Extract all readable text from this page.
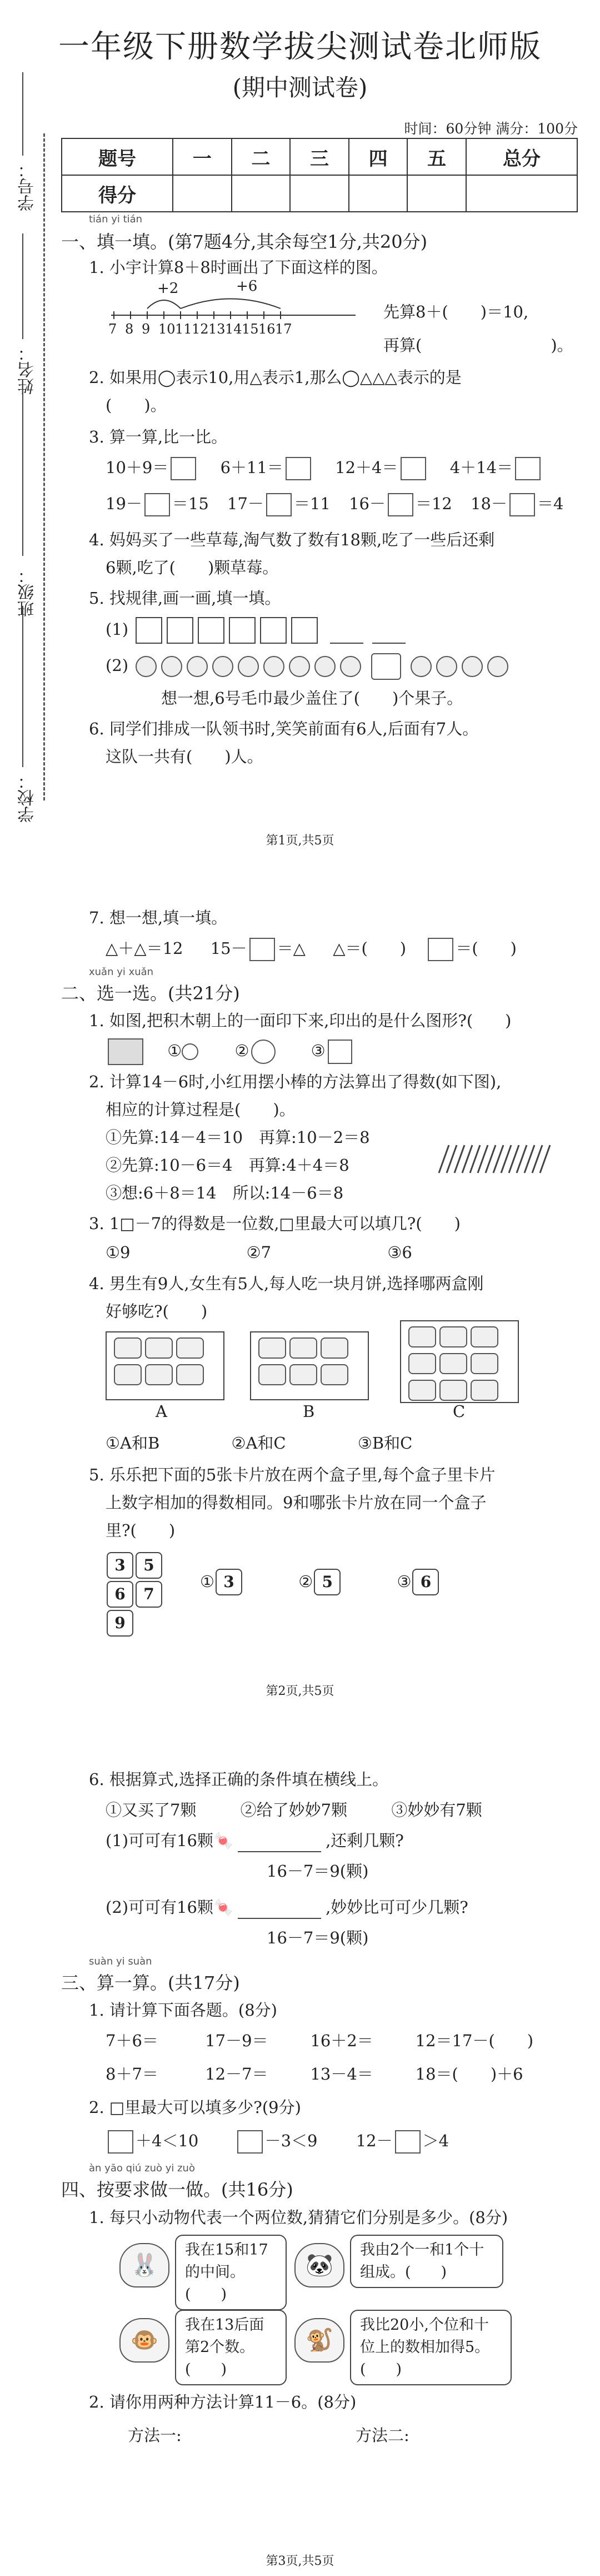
一年级下册数学拔尖测试卷北师版
(期中测试卷)
时间：60分钟 满分：100分
题号	一	二	三	四	五	总分
得分						
学号：
姓名：
班级：
学校：
tián yi tián
一、填一填。(第7题4分,其余每空1分,共20分)
1. 小宇计算8＋8时画出了下面这样的图。
+2	+6
7 8 9 10 11 12 13 14 15 16 17
先算8＋(　　)＝10,
再算(　　　　　　　　)。
2. 如果用◯表示10,用△表示1,那么◯△△△表示的是
(　　)。
3. 算一算,比一比。
10＋9＝	6＋11＝	12＋4＝	4＋14＝
19－ ＝15 17－ ＝11 16－ ＝12 18－ ＝4
4. 妈妈买了一些草莓,淘气数了数有18颗,吃了一些后还剩
6颗,吃了(　　)颗草莓。
5. 找规律,画一画,填一填。
(1)
(2)
想一想,6号毛巾最少盖住了(　　)个果子。
6. 同学们排成一队领书时,笑笑前面有6人,后面有7人。
这队一共有(　　)人。
第1页,共5页
7. 想一想,填一填。
△＋△＝12 15－ ＝△ △＝(　　)	＝(　　)
xuǎn yi xuǎn
二、选一选。(共21分)
1. 如图,把积木朝上的一面印下来,印出的是什么图形?(　　)
①	②	③
2. 计算14－6时,小红用摆小棒的方法算出了得数(如下图),
相应的计算过程是(　　)。
①先算:14－4＝10　再算:10－2＝8
②先算:10－6＝4　再算:4＋4＝8
③想:6＋8＝14　所以:14－6＝8
3. 1□－7的得数是一位数,□里最大可以填几?(　　)
①9	②7	③6
4. 男生有9人,女生有5人,每人吃一块月饼,选择哪两盒刚
好够吃?(　　)

A	B	C
①A和B	②A和C	③B和C
5. 乐乐把下面的5张卡片放在两个盒子里,每个盒子里卡片
上数字相加的得数相同。9和哪张卡片放在同一个盒子
里?(　　)
3 5
6 79
① 3	② 5	③ 6
第2页,共5页
6. 根据算式,选择正确的条件填在横线上。
①又买了7颗	②给了妙妙7颗	③妙妙有7颗
(1)可可有16颗🍬	,还剩几颗?
16－7＝9(颗)
(2)可可有16颗🍬	,妙妙比可可少几颗?
16－7＝9(颗)
suàn yi suàn
三、算一算。(共17分)
1. 请计算下面各题。(8分)
7＋6＝	17－9＝	16＋2＝	12＝17－(　　)
8＋7＝	12－7＝	13－4＝	18＝(　　)＋6
2. □里最大可以填多少?(9分)
＋4＜10	－3＜9 12－ ＞4
àn yāo qiú zuò yi zuò
四、按要求做一做。(共16分)
1. 每只小动物代表一个两位数,猜猜它们分别是多少。(8分)
🐰
我在15和17的中间。(　　)
🐼
我由2个一和1个十组成。(　　)
🐵
我在13后面第2个数。(　　)
🐒
我比20小,个位和十位上的数相加得5。(　　)
2. 请你用两种方法计算11－6。(8分)
方法一:	方法二:
第3页,共5页
